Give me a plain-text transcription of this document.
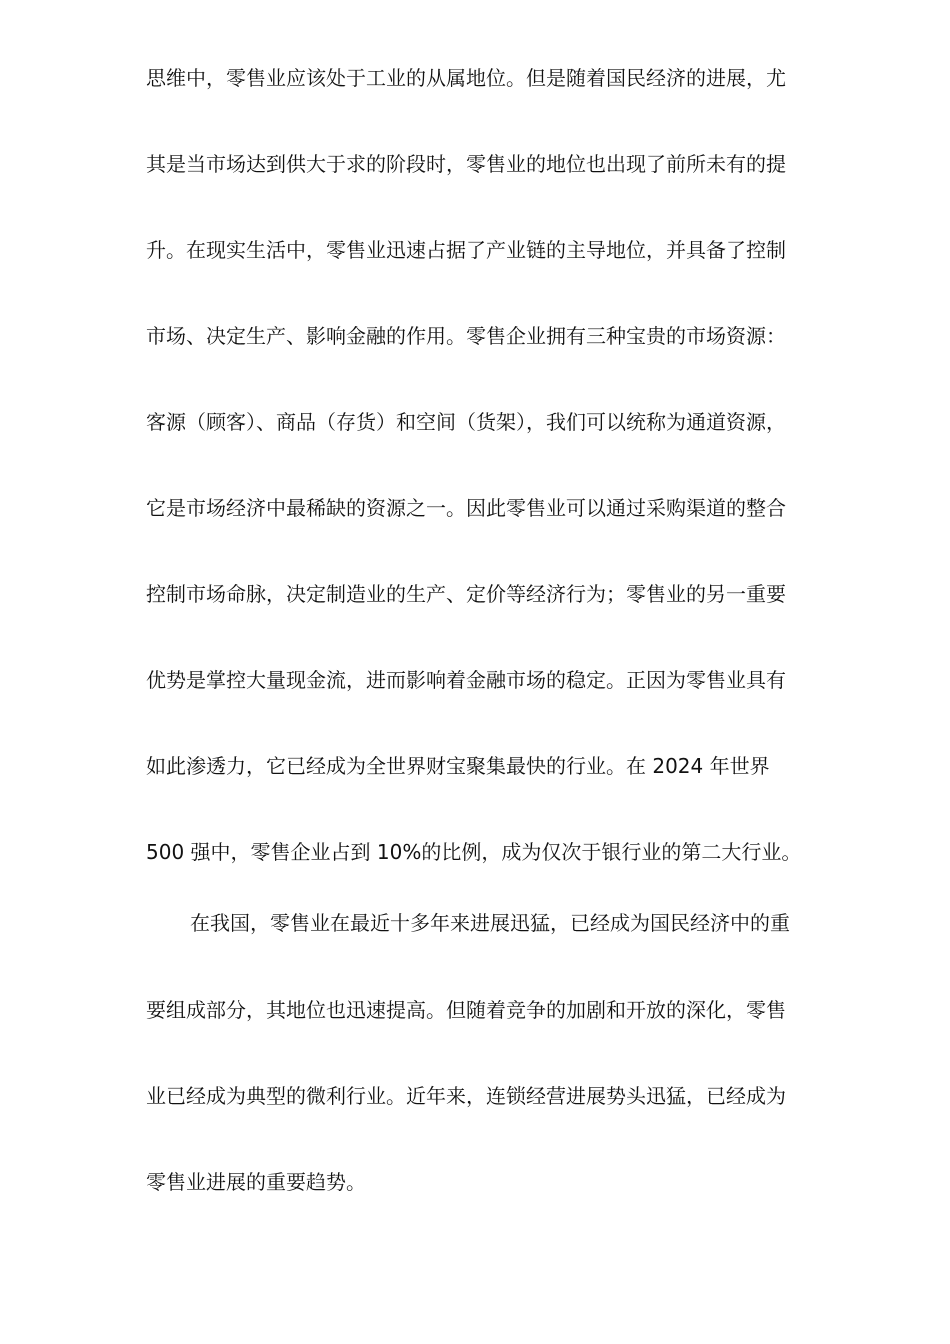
思维中，零售业应该处于工业的从属地位。但是随着国民经济的进展，尤
其是当市场达到供大于求的阶段时，零售业的地位也出现了前所未有的提
升。在现实生活中，零售业迅速占据了产业链的主导地位，并具备了控制
市场、决定生产、影响金融的作用。零售企业拥有三种宝贵的市场资源：
客源（顾客）、商品（存货）和空间（货架），我们可以统称为通道资源，
它是市场经济中最稀缺的资源之一。因此零售业可以通过采购渠道的整合
控制市场命脉，决定制造业的生产、定价等经济行为；零售业的另一重要
优势是掌控大量现金流，进而影响着金融市场的稳定。正因为零售业具有
如此渗透力，它已经成为全世界财宝聚集最快的行业。在 2024 年世界
500 强中，零售企业占到 10%的比例，成为仅次于银行业的第二大行业。
在我国，零售业在最近十多年来进展迅猛，已经成为国民经济中的重
要组成部分，其地位也迅速提高。但随着竞争的加剧和开放的深化，零售
业已经成为典型的微利行业。近年来，连锁经营进展势头迅猛，已经成为
零售业进展的重要趋势。
